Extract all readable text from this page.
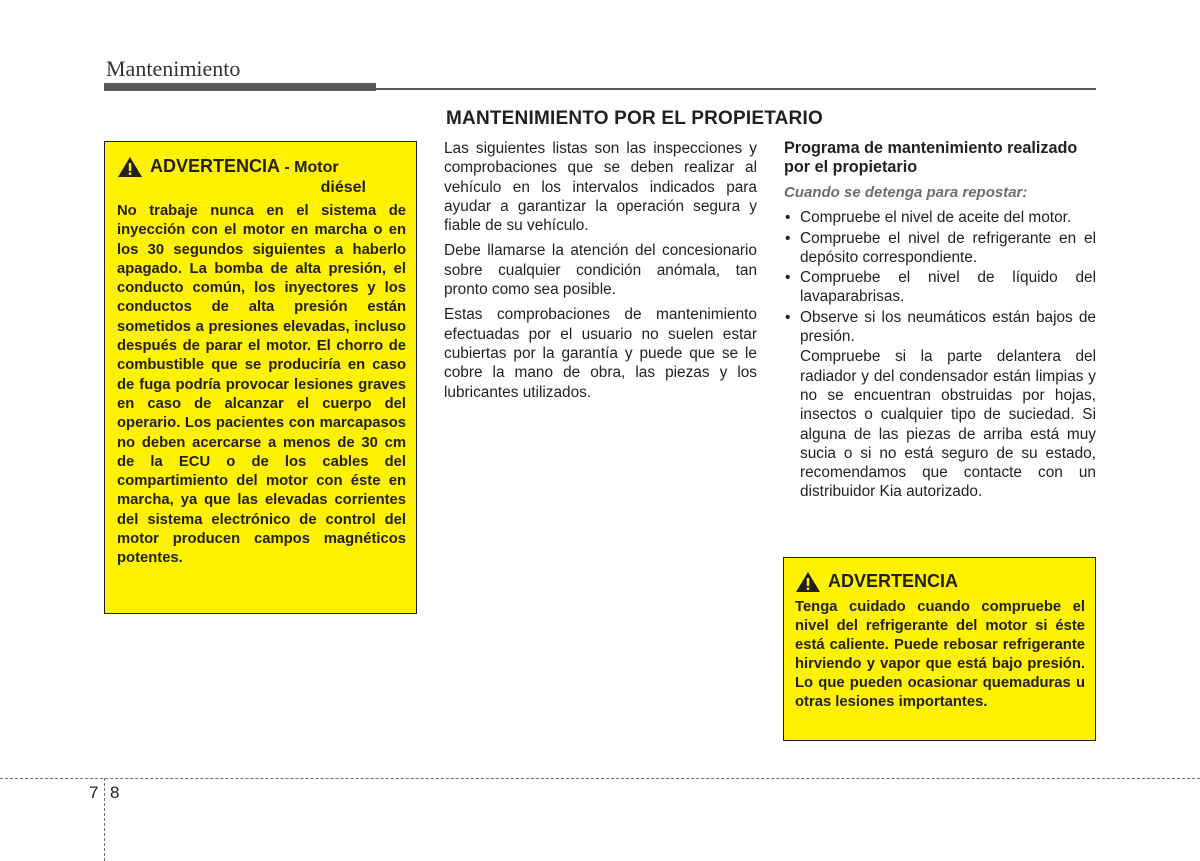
Mantenimiento
MANTENIMIENTO POR EL PROPIETARIO
ADVERTENCIA - Motor
diésel
No trabaje nunca en el sistema de inyección con el motor en marcha o en los 30 segundos siguientes a haberlo apagado. La bomba de alta presión, el conducto común, los inyectores y los conductos de alta presión están sometidos a presiones elevadas, incluso después de parar el motor. El chorro de combustible que se produciría en caso de fuga podría provocar lesiones graves en caso de alcanzar el cuerpo del operario. Los pacientes con marcapasos no deben acercarse a menos de 30 cm de la ECU o de los cables del compartimiento del motor con éste en marcha, ya que las elevadas corrientes del sistema electrónico de control del motor producen campos magnéticos potentes.

Las siguientes listas son las inspecciones y comprobaciones que se deben realizar al vehículo en los intervalos indicados para ayudar a garantizar la operación segura y fiable de su vehículo.

Debe llamarse la atención del concesionario sobre cualquier condición anómala, tan pronto como sea posible.

Estas comprobaciones de mantenimiento efectuadas por el usuario no suelen estar cubiertas por la garantía y puede que se le cobre la mano de obra, las piezas y los lubricantes utilizados.

Programa de mantenimiento realizado por el propietario

Cuando se detenga para repostar:

• Compruebe el nivel de aceite del motor.
• Compruebe el nivel de refrigerante en el depósito correspondiente.
• Compruebe el nivel de líquido del lavaparabrisas.
• Observe si los neumáticos están bajos de presión.

Compruebe si la parte delantera del radiador y del condensador están limpias y no se encuentran obstruidas por hojas, insectos o cualquier tipo de suciedad. Si alguna de las piezas de arriba está muy sucia o si no está seguro de su estado, recomendamos que contacte con un distribuidor Kia autorizado.

ADVERTENCIA
Tenga cuidado cuando compruebe el nivel del refrigerante del motor si éste está caliente. Puede rebosar refrigerante hirviendo y vapor que está bajo presión. Lo que pueden ocasionar quemaduras u otras lesiones importantes.
7 8
